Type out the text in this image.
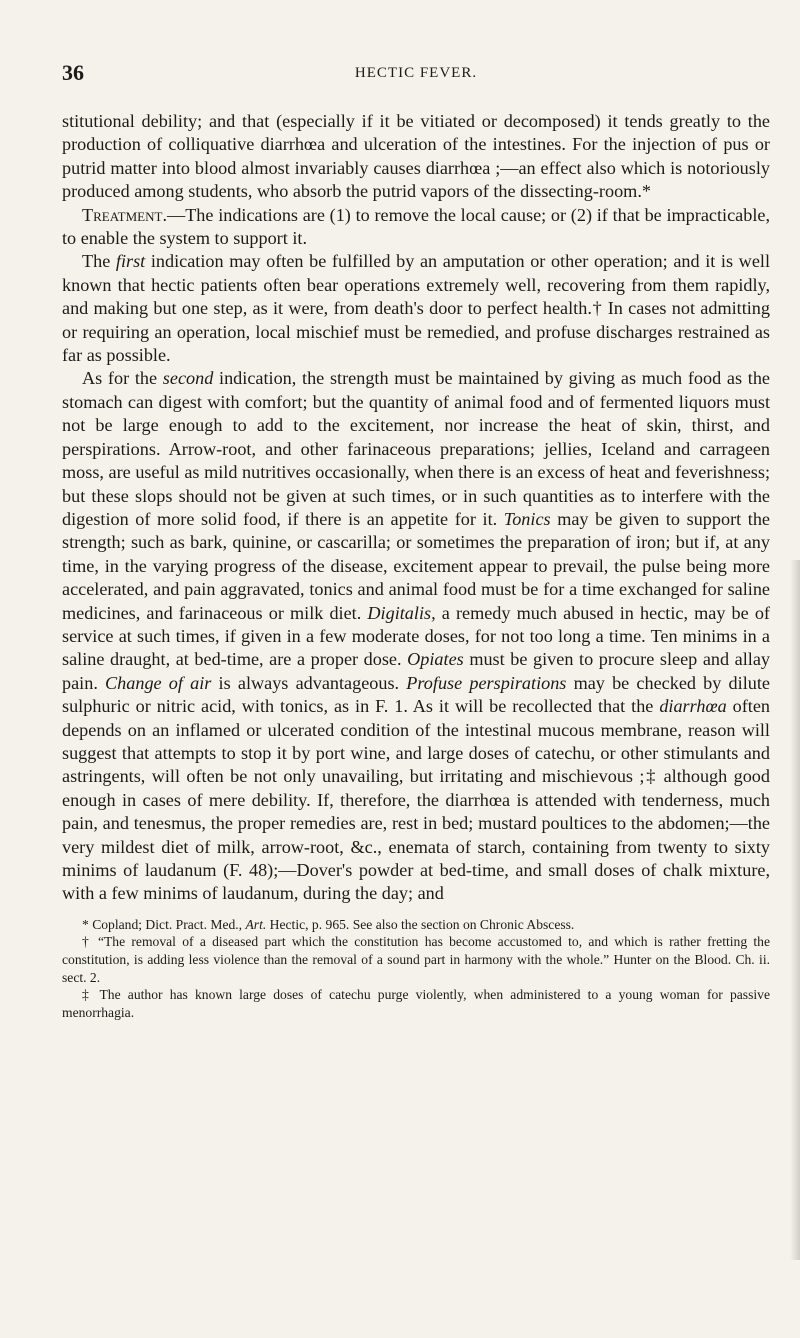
36	HECTIC FEVER.

stitutional debility; and that (especially if it be vitiated or decomposed) it tends greatly to the production of colliquative diarrhœa and ulceration of the intestines. For the injection of pus or putrid matter into blood almost invariably causes diarrhœa ;—an effect also which is notoriously produced among students, who absorb the putrid vapors of the dissecting-room.*

Treatment.—The indications are (1) to remove the local cause; or (2) if that be impracticable, to enable the system to support it.

The first indication may often be fulfilled by an amputation or other operation; and it is well known that hectic patients often bear operations extremely well, recovering from them rapidly, and making but one step, as it were, from death's door to perfect health.† In cases not admitting or requiring an operation, local mischief must be remedied, and profuse discharges restrained as far as possible.

As for the second indication, the strength must be maintained by giving as much food as the stomach can digest with comfort; but the quantity of animal food and of fermented liquors must not be large enough to add to the excitement, nor increase the heat of skin, thirst, and perspirations. Arrow-root, and other farinaceous preparations; jellies, Iceland and carrageen moss, are useful as mild nutritives occasionally, when there is an excess of heat and feverishness; but these slops should not be given at such times, or in such quantities as to interfere with the digestion of more solid food, if there is an appetite for it. Tonics may be given to support the strength; such as bark, quinine, or cascarilla; or sometimes the preparation of iron; but if, at any time, in the varying progress of the disease, excitement appear to prevail, the pulse being more accelerated, and pain aggravated, tonics and animal food must be for a time exchanged for saline medicines, and farinaceous or milk diet. Digitalis, a remedy much abused in hectic, may be of service at such times, if given in a few moderate doses, for not too long a time. Ten minims in a saline draught, at bed-time, are a proper dose. Opiates must be given to procure sleep and allay pain. Change of air is always advantageous. Profuse perspirations may be checked by dilute sulphuric or nitric acid, with tonics, as in F. 1. As it will be recollected that the diarrhœa often depends on an inflamed or ulcerated condition of the intestinal mucous membrane, reason will suggest that attempts to stop it by port wine, and large doses of catechu, or other stimulants and astringents, will often be not only unavailing, but irritating and mischievous ;‡ although good enough in cases of mere debility. If, therefore, the diarrhœa is attended with tenderness, much pain, and tenesmus, the proper remedies are, rest in bed; mustard poultices to the abdomen;—the very mildest diet of milk, arrow-root, &c., enemata of starch, containing from twenty to sixty minims of laudanum (F. 48);—Dover's powder at bed-time, and small doses of chalk mixture, with a few minims of laudanum, during the day; and

* Copland; Dict. Pract. Med., Art. Hectic, p. 965. See also the section on Chronic Abscess.

† “The removal of a diseased part which the constitution has become accustomed to, and which is rather fretting the constitution, is adding less violence than the removal of a sound part in harmony with the whole.” Hunter on the Blood. Ch. ii. sect. 2.

‡ The author has known large doses of catechu purge violently, when administered to a young woman for passive menorrhagia.
